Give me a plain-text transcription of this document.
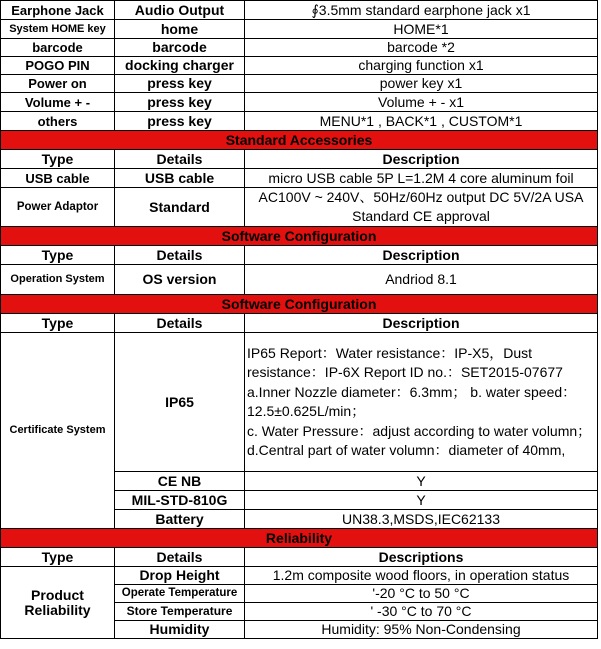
Earphone Jack	Audio Output	∮3.5mm standard earphone jack x1
System HOME key	home	HOME*1
barcode	barcode	barcode *2
POGO PIN	docking charger	charging function x1
Power on	press key	power key x1
Volume + -	press key	Volume + - x1
others	press key	MENU*1 , BACK*1 , CUSTOM*1
Standard Accessories		
Type	Details	Description
USB cable	USB cable	micro USB cable 5P L=1.2M 4 core aluminum foil
Power Adaptor	Standard	AC100V ~ 240V、50Hz/60Hz output DC 5V/2A USA Standard CE approval
Software Configuration		
Type	Details	Description
Operation System	OS version	Andriod 8.1
Software Configuration		
Type	Details	Description
Certificate System	IP65	IP65 Report：Water resistance：IP-X5，Dust resistance：IP-6X Report ID no.：SET2015-07677
a.Inner Nozzle diameter：6.3mm； b. water speed：12.5±0.625L/min；
c. Water Pressure：adjust according to water volumn；
d.Central part of water volumn：diameter of 40mm,

	CE NB	Y
	MIL-STD-810G	Y
	Battery	UN38.3,MSDS,IEC62133
Reliability		
Type	Details	Descriptions
Product Reliability	Drop Height	1.2m composite wood floors, in operation status
	Operate Temperature	'-20 °C to 50 °C
	Store Temperature	' -30 °C to 70 °C
	Humidity	Humidity: 95% Non-Condensing
